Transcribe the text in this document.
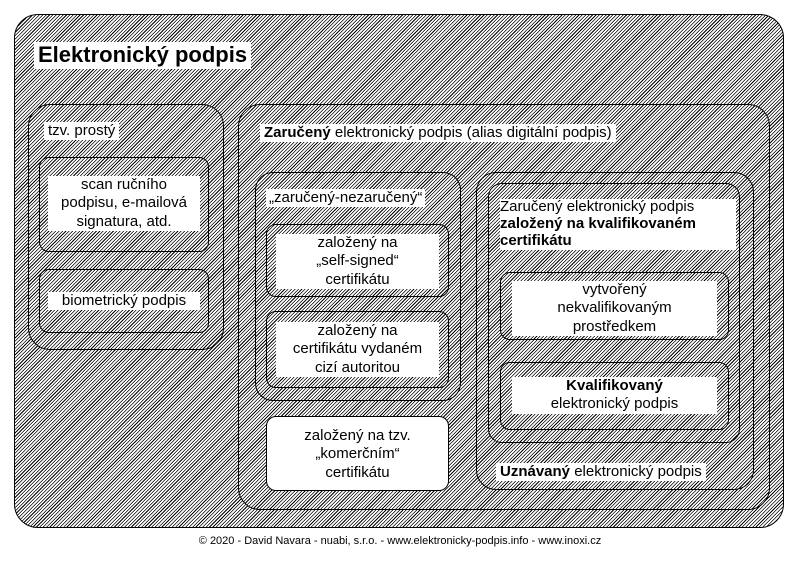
Elektronický podpis
tzv. prostý
scan ručního
podpisu, e-mailová
signatura, atd.
biometrický podpis
Zaručený elektronický podpis (alias digitální podpis)
„zaručený-nezaručený“
založený na
„self-signed“
certifikátu
založený na
certifikátu vydaném
cizí autoritou
založený na tzv.
„komerčním“
certifikátu	Uznávaný elektronický podpis
Zaručený elektronický podpis
založený na kvalifikovaném
certifikátu
vytvořený
nekvalifikovaným
prostředkem
Kvalifikovaný
elektronický podpis
© 2020 - David Navara - nuabi, s.r.o. - www.elektronicky-podpis.info - www.inoxi.cz
